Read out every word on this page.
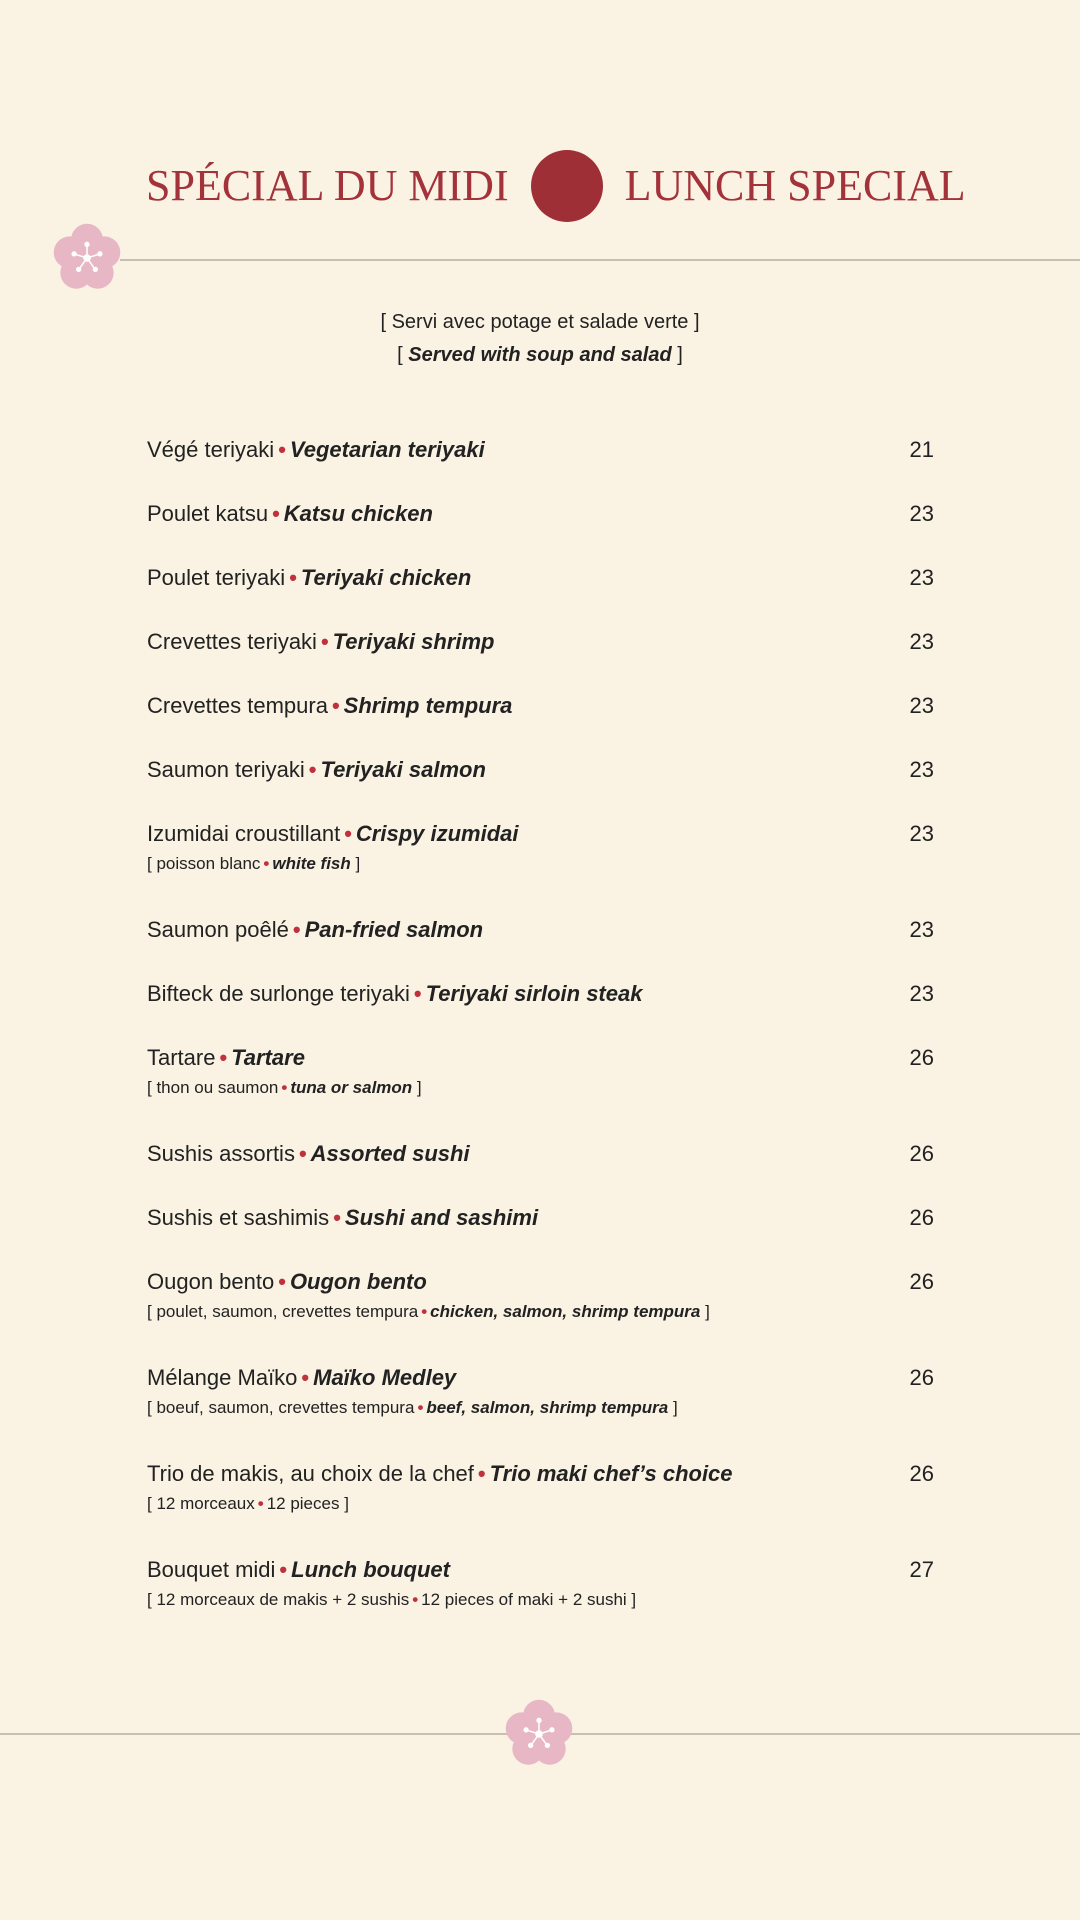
SPÉCIAL DU MIDI	LUNCH SPECIAL
[ Servi avec potage et salade verte ]
[ Served with soup and salad ]
Végé teriyaki • Vegetarian teriyaki	21
Poulet katsu • Katsu chicken	23
Poulet teriyaki • Teriyaki chicken	23
Crevettes teriyaki • Teriyaki shrimp	23
Crevettes tempura • Shrimp tempura	23
Saumon teriyaki • Teriyaki salmon	23
Izumidai croustillant • Crispy izumidai	23
[ poisson blanc • white fish ]
Saumon poêlé • Pan-fried salmon	23
Bifteck de surlonge teriyaki • Teriyaki sirloin steak	23
Tartare • Tartare	26
[ thon ou saumon • tuna or salmon ]
Sushis assortis • Assorted sushi	26
Sushis et sashimis • Sushi and sashimi	26
Ougon bento • Ougon bento	26
[ poulet, saumon, crevettes tempura • chicken, salmon, shrimp tempura ]
Mélange Maïko • Maïko Medley	26
[ boeuf, saumon, crevettes tempura • beef, salmon, shrimp tempura ]
Trio de makis, au choix de la chef • Trio maki chef’s choice	26
[ 12 morceaux • 12 pieces ]
Bouquet midi • Lunch bouquet	27
[ 12 morceaux de makis + 2 sushis • 12 pieces of maki + 2 sushi ]
